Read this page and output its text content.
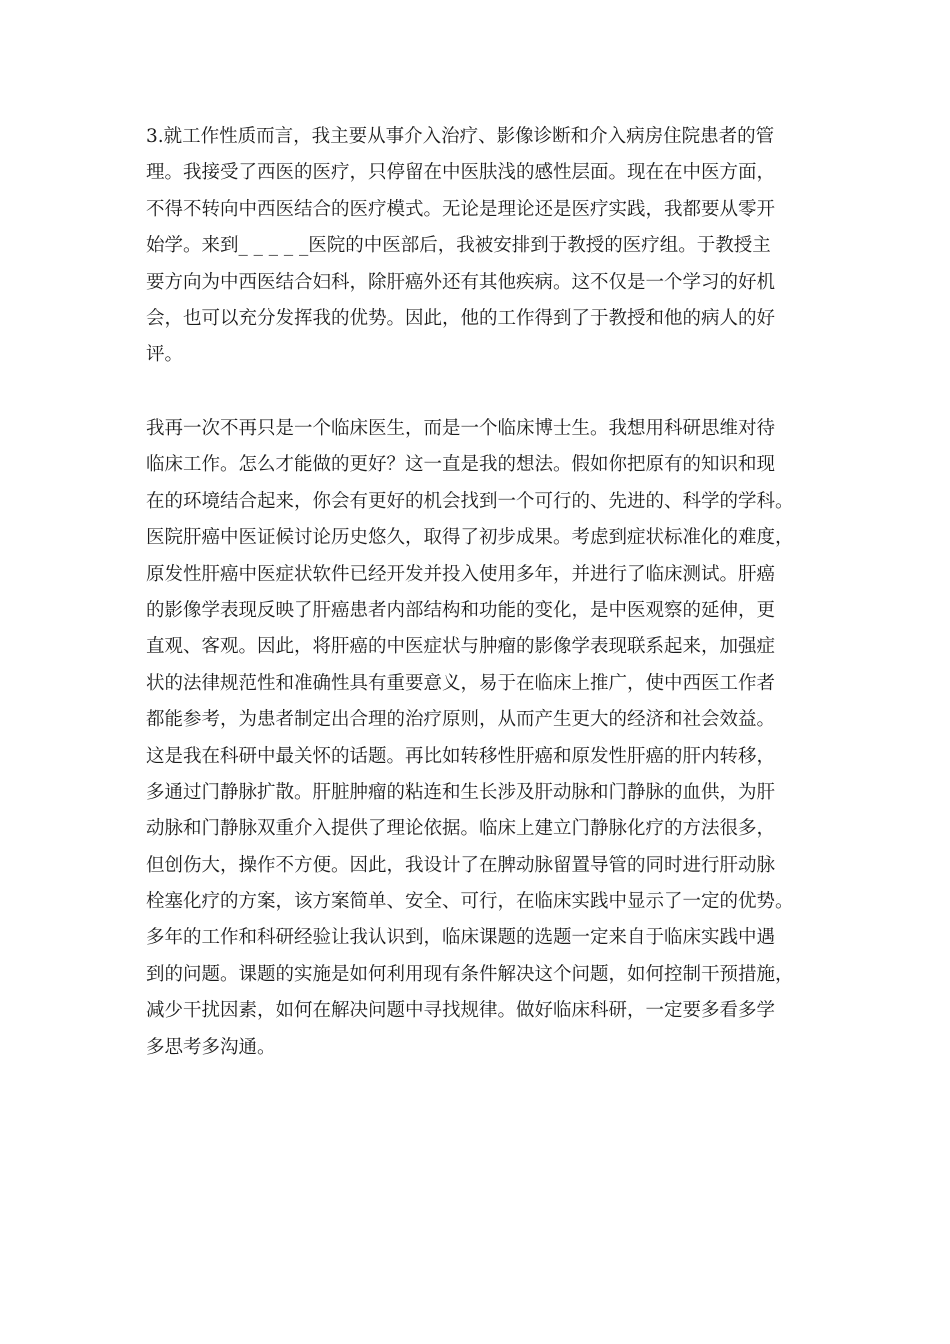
3.就工作性质而言，我主要从事介入治疗、影像诊断和介入病房住院患者的管
理。我接受了西医的医疗，只停留在中医肤浅的感性层面。现在在中医方面，
不得不转向中西医结合的医疗模式。无论是理论还是医疗实践，我都要从零开
始学。来到_ _ _ _ _医院的中医部后，我被安排到于教授的医疗组。于教授主
要方向为中西医结合妇科，除肝癌外还有其他疾病。这不仅是一个学习的好机
会，也可以充分发挥我的优势。因此，他的工作得到了于教授和他的病人的好
评。
我再一次不再只是一个临床医生，而是一个临床博士生。我想用科研思维对待
临床工作。怎么才能做的更好？这一直是我的想法。假如你把原有的知识和现
在的环境结合起来，你会有更好的机会找到一个可行的、先进的、科学的学科。
医院肝癌中医证候讨论历史悠久，取得了初步成果。考虑到症状标准化的难度，
原发性肝癌中医症状软件已经开发并投入使用多年，并进行了临床测试。肝癌
的影像学表现反映了肝癌患者内部结构和功能的变化，是中医观察的延伸，更
直观、客观。因此，将肝癌的中医症状与肿瘤的影像学表现联系起来，加强症
状的法律规范性和准确性具有重要意义，易于在临床上推广，使中西医工作者
都能参考，为患者制定出合理的治疗原则，从而产生更大的经济和社会效益。
这是我在科研中最关怀的话题。再比如转移性肝癌和原发性肝癌的肝内转移，
多通过门静脉扩散。肝脏肿瘤的粘连和生长涉及肝动脉和门静脉的血供，为肝
动脉和门静脉双重介入提供了理论依据。临床上建立门静脉化疗的方法很多，
但创伤大，操作不方便。因此，我设计了在脾动脉留置导管的同时进行肝动脉
栓塞化疗的方案，该方案简单、安全、可行，在临床实践中显示了一定的优势。
多年的工作和科研经验让我认识到，临床课题的选题一定来自于临床实践中遇
到的问题。课题的实施是如何利用现有条件解决这个问题，如何控制干预措施，
减少干扰因素，如何在解决问题中寻找规律。做好临床科研，一定要多看多学
多思考多沟通。
